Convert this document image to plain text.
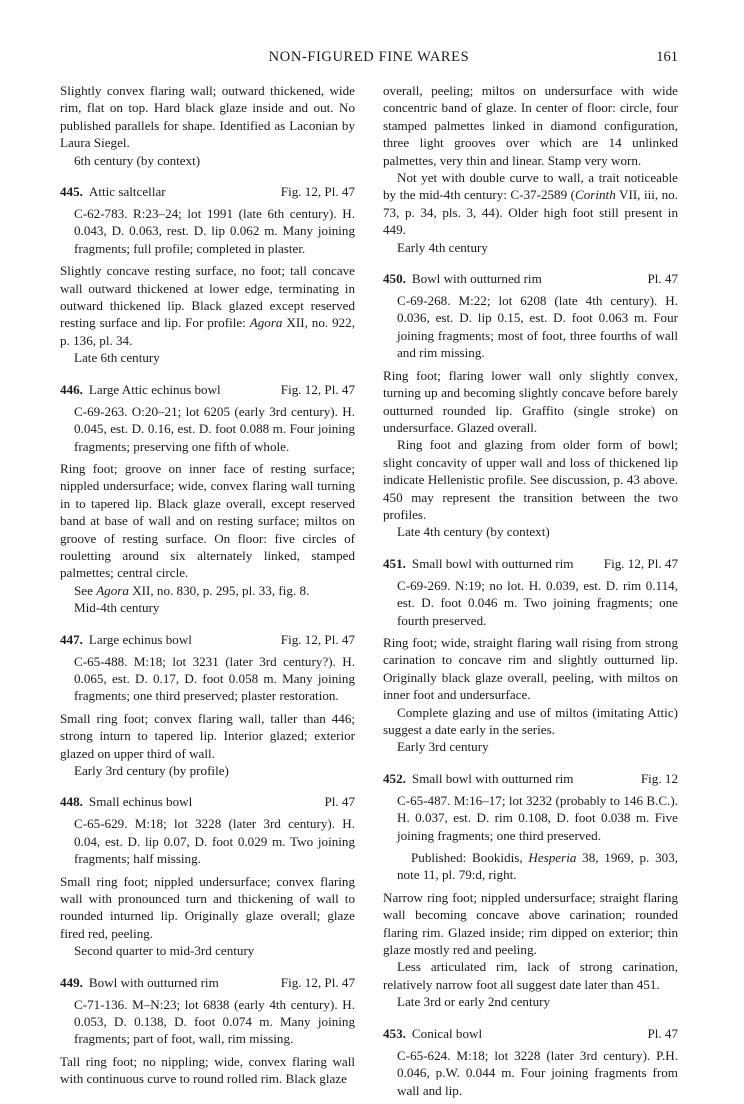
NON-FIGURED FINE WARES	161

Slightly convex flaring wall; outward thickened, wide rim, flat on top. Hard black glaze inside and out. No published parallels for shape. Identified as Laconian by Laura Siegel.

6th century (by context)

445. Attic saltcellar	Fig. 12, Pl. 47

C-62-783. R:23–24; lot 1991 (late 6th century). H. 0.043, D. 0.063, rest. D. lip 0.062 m. Many joining fragments; full profile; completed in plaster.

Slightly concave resting surface, no foot; tall concave wall outward thickened at lower edge, terminating in outward thickened lip. Black glazed except reserved resting surface and lip. For profile: Agora XII, no. 922, p. 136, pl. 34.

Late 6th century

446. Large Attic echinus bowl	Fig. 12, Pl. 47

C-69-263. O:20–21; lot 6205 (early 3rd century). H. 0.045, est. D. 0.16, est. D. foot 0.088 m. Four joining fragments; preserving one fifth of whole.

Ring foot; groove on inner face of resting surface; nippled undersurface; wide, convex flaring wall turning in to tapered lip. Black glaze overall, except reserved band at base of wall and on resting surface; miltos on groove of resting surface. On floor: five circles of rouletting around six alternately linked, stamped palmettes; central circle.

See Agora XII, no. 830, p. 295, pl. 33, fig. 8.

Mid-4th century

447. Large echinus bowl	Fig. 12, Pl. 47

C-65-488. M:18; lot 3231 (later 3rd century?). H. 0.065, est. D. 0.17, D. foot 0.058 m. Many joining fragments; one third preserved; plaster restoration.

Small ring foot; convex flaring wall, taller than 446; strong inturn to tapered lip. Interior glazed; exterior glazed on upper third of wall.

Early 3rd century (by profile)

448. Small echinus bowl	Pl. 47

C-65-629. M:18; lot 3228 (later 3rd century). H. 0.04, est. D. lip 0.07, D. foot 0.029 m. Two joining fragments; half missing.

Small ring foot; nippled undersurface; convex flaring wall with pronounced turn and thickening of wall to rounded inturned lip. Originally glaze overall; glaze fired red, peeling.

Second quarter to mid-3rd century

449. Bowl with outturned rim	Fig. 12, Pl. 47

C-71-136. M–N:23; lot 6838 (early 4th century). H. 0.053, D. 0.138, D. foot 0.074 m. Many joining fragments; part of foot, wall, rim missing.

Tall ring foot; no nippling; wide, convex flaring wall with continuous curve to round rolled rim. Black glaze

overall, peeling; miltos on undersurface with wide concentric band of glaze. In center of floor: circle, four stamped palmettes linked in diamond configuration, three light grooves over which are 14 unlinked palmettes, very thin and linear. Stamp very worn.

Not yet with double curve to wall, a trait noticeable by the mid-4th century: C-37-2589 (Corinth VII, iii, no. 73, p. 34, pls. 3, 44). Older high foot still present in 449.

Early 4th century

450. Bowl with outturned rim	Pl. 47

C-69-268. M:22; lot 6208 (late 4th century). H. 0.036, est. D. lip 0.15, est. D. foot 0.063 m. Four joining fragments; most of foot, three fourths of wall and rim missing.

Ring foot; flaring lower wall only slightly convex, turning up and becoming slightly concave before barely outturned rounded lip. Graffito (single stroke) on undersurface. Glazed overall.

Ring foot and glazing from older form of bowl; slight concavity of upper wall and loss of thickened lip indicate Hellenistic profile. See discussion, p. 43 above. 450 may represent the transition between the two profiles.

Late 4th century (by context)

451. Small bowl with outturned rim Fig. 12, Pl. 47

C-69-269. N:19; no lot. H. 0.039, est. D. rim 0.114, est. D. foot 0.046 m. Two joining fragments; one fourth preserved.

Ring foot; wide, straight flaring wall rising from strong carination to concave rim and slightly outturned lip. Originally black glaze overall, peeling, with miltos on inner foot and undersurface.

Complete glazing and use of miltos (imitating Attic) suggest a date early in the series.

Early 3rd century

452. Small bowl with outturned rim	Fig. 12

C-65-487. M:16–17; lot 3232 (probably to 146 B.C.). H. 0.037, est. D. rim 0.108, D. foot 0.038 m. Five joining fragments; one third preserved.

Published: Bookidis, Hesperia 38, 1969, p. 303, note 11, pl. 79:d, right.

Narrow ring foot; nippled undersurface; straight flaring wall becoming concave above carination; rounded flaring rim. Glazed inside; rim dipped on exterior; thin glaze mostly red and peeling.

Less articulated rim, lack of strong carination, relatively narrow foot all suggest date later than 451.

Late 3rd or early 2nd century

453. Conical bowl	Pl. 47

C-65-624. M:18; lot 3228 (later 3rd century). P.H. 0.046, p.W. 0.044 m. Four joining fragments from wall and lip.
